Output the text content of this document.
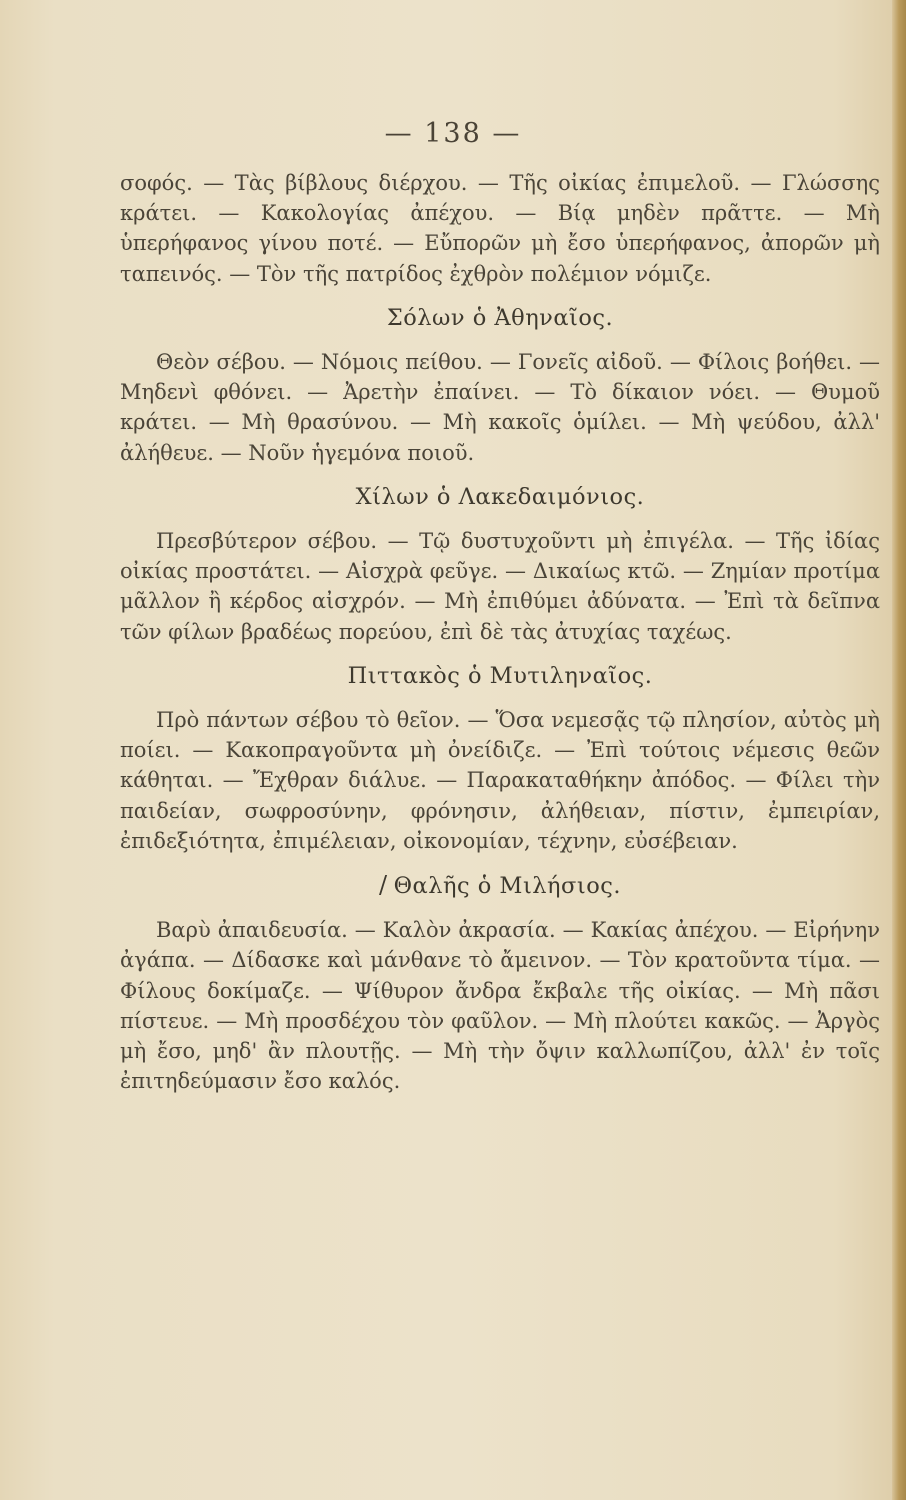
— 138 —

σοφός. — Τὰς βίβλους διέρχου. — Τῆς οἰκίας ἐπιμελοῦ. — Γλώσσης κράτει. — Κακολογίας ἀπέχου. — Βίᾳ μηδὲν πρᾶττε. — Μὴ ὑπερήφανος γίνου ποτέ. — Εὔπορῶν μὴ ἔσο ὑπερήφανος, ἀπορῶν μὴ ταπεινός. — Τὸν τῆς πατρίδος ἐχθρὸν πολέμιον νόμιζε.

Σόλων ὁ Ἀθηναῖος.

Θεὸν σέβου. — Νόμοις πείθου. — Γονεῖς αἰδοῦ. — Φίλοις βοήθει. — Μηδενὶ φθόνει. — Ἀρετὴν ἐπαίνει. — Τὸ δίκαιον νόει. — Θυμοῦ κράτει. — Μὴ θρασύνου. — Μὴ κακοῖς ὁμίλει. — Μὴ ψεύδου, ἀλλ' ἀλήθευε. — Νοῦν ἡγεμόνα ποιοῦ.

Χίλων ὁ Λακεδαιμόνιος.

Πρεσβύτερον σέβου. — Τῷ δυστυχοῦντι μὴ ἐπιγέλα. — Τῆς ἰδίας οἰκίας προστάτει. — Αἰσχρὰ φεῦγε. — Δικαίως κτῶ. — Ζημίαν προτίμα μᾶλλον ἢ κέρδος αἰσχρόν. — Μὴ ἐπιθύμει ἀδύνατα. — Ἐπὶ τὰ δεῖπνα τῶν φίλων βραδέως πορεύου, ἐπὶ δὲ τὰς ἀτυχίας ταχέως.

Πιττακὸς ὁ Μυτιληναῖος.

Πρὸ πάντων σέβου τὸ θεῖον. — Ὅσα νεμεσᾷς τῷ πλησίον, αὐτὸς μὴ ποίει. — Κακοπραγοῦντα μὴ ὀνείδιζε. — Ἐπὶ τούτοις νέμεσις θεῶν κάθηται. — Ἔχθραν διάλυε. — Παρακαταθήκην ἀπόδος. — Φίλει τὴν παιδείαν, σωφροσύνην, φρόνησιν, ἀλήθειαν, πίστιν, ἐμπειρίαν, ἐπιδεξιότητα, ἐπιμέλειαν, οἰκονομίαν, τέχνην, εὐσέβειαν.

/ Θαλῆς ὁ Μιλήσιος.

Βαρὺ ἀπαιδευσία. — Καλὸν ἀκρασία. — Κακίας ἀπέχου. — Εἰρήνην ἀγάπα. — Δίδασκε καὶ μάνθανε τὸ ἄμεινον. — Τὸν κρατοῦντα τίμα. — Φίλους δοκίμαζε. — Ψίθυρον ἄνδρα ἔκβαλε τῆς οἰκίας. — Μὴ πᾶσι πίστευε. — Μὴ προσδέχου τὸν φαῦλον. — Μὴ πλούτει κακῶς. — Ἀργὸς μὴ ἔσο, μηδ' ἂν πλουτῇς. — Μὴ τὴν ὄψιν καλλωπίζου, ἀλλ' ἐν τοῖς ἐπιτηδεύμασιν ἔσο καλός.
